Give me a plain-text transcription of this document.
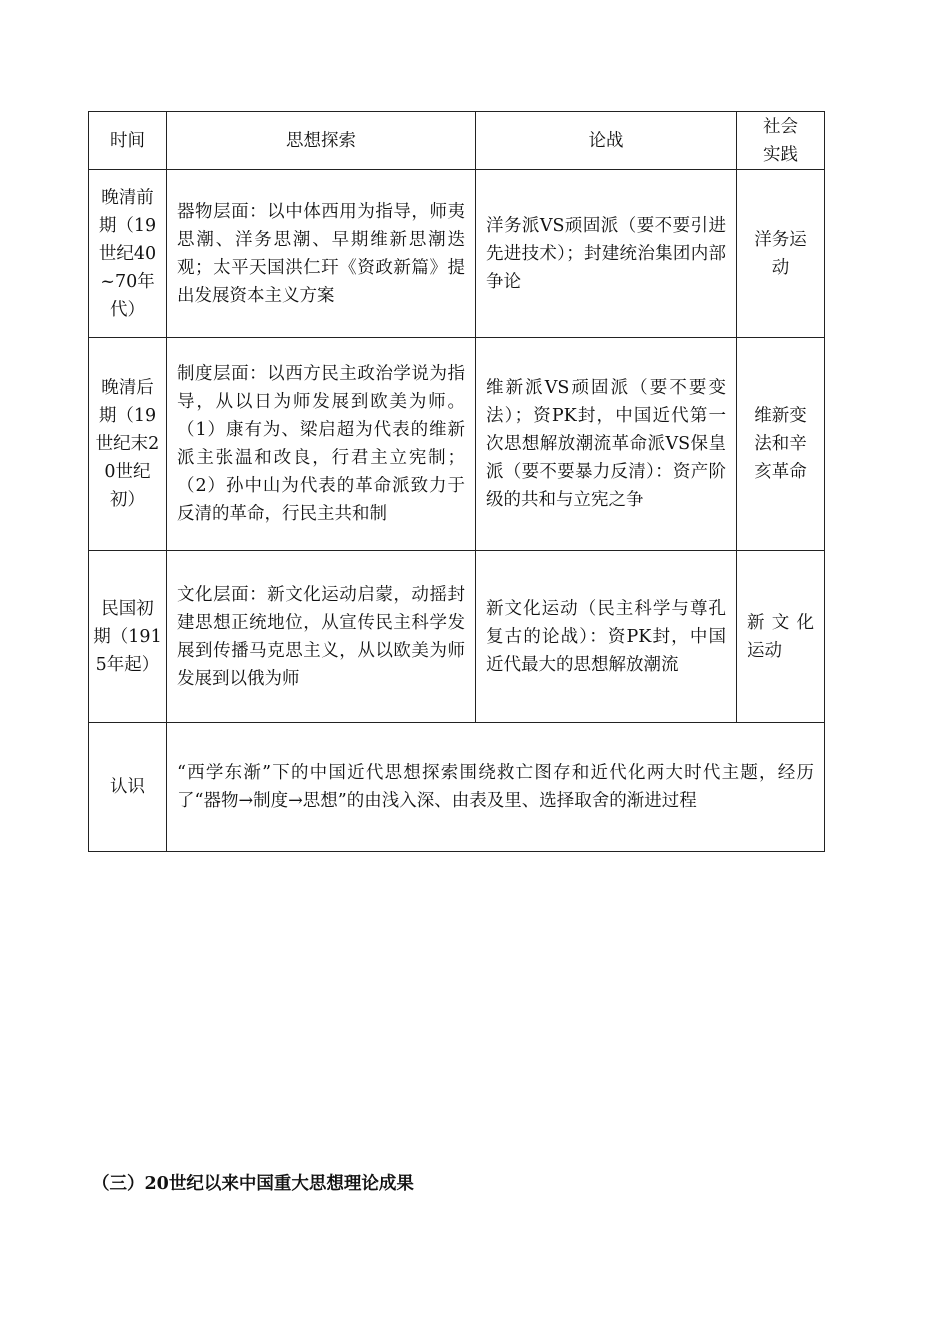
时间	思想探索	论战	社会实践
晚清前期（19世纪40~70年代）	器物层面：以中体西用为指导，师夷思潮、洋务思潮、早期维新思潮迭观；太平天国洪仁玕《资政新篇》提出发展资本主义方案	洋务派VS顽固派（要不要引进先进技术）；封建统治集团内部争论	洋务运动
晚清后期（19世纪末20世纪初）	制度层面：以西方民主政治学说为指导，从以日为师发展到欧美为师。（1）康有为、梁启超为代表的维新派主张温和改良，行君主立宪制；（2）孙中山为代表的革命派致力于反清的革命，行民主共和制	维新派VS顽固派（要不要变法）；资PK封，中国近代第一次思想解放潮流革命派VS保皇派（要不要暴力反清）：资产阶级的共和与立宪之争	维新变法和辛亥革命
民国初期（1915年起）	文化层面：新文化运动启蒙，动摇封建思想正统地位，从宣传民主科学发展到传播马克思主义，从以欧美为师发展到以俄为师	新文化运动（民主科学与尊孔复古的论战）：资PK封，中国近代最大的思想解放潮流	新文化运动
认识	“西学东渐”下的中国近代思想探索围绕救亡图存和近代化两大时代主题，经历了“器物→制度→思想”的由浅入深、由表及里、选择取舍的渐进过程		
（三）20世纪以来中国重大思想理论成果
